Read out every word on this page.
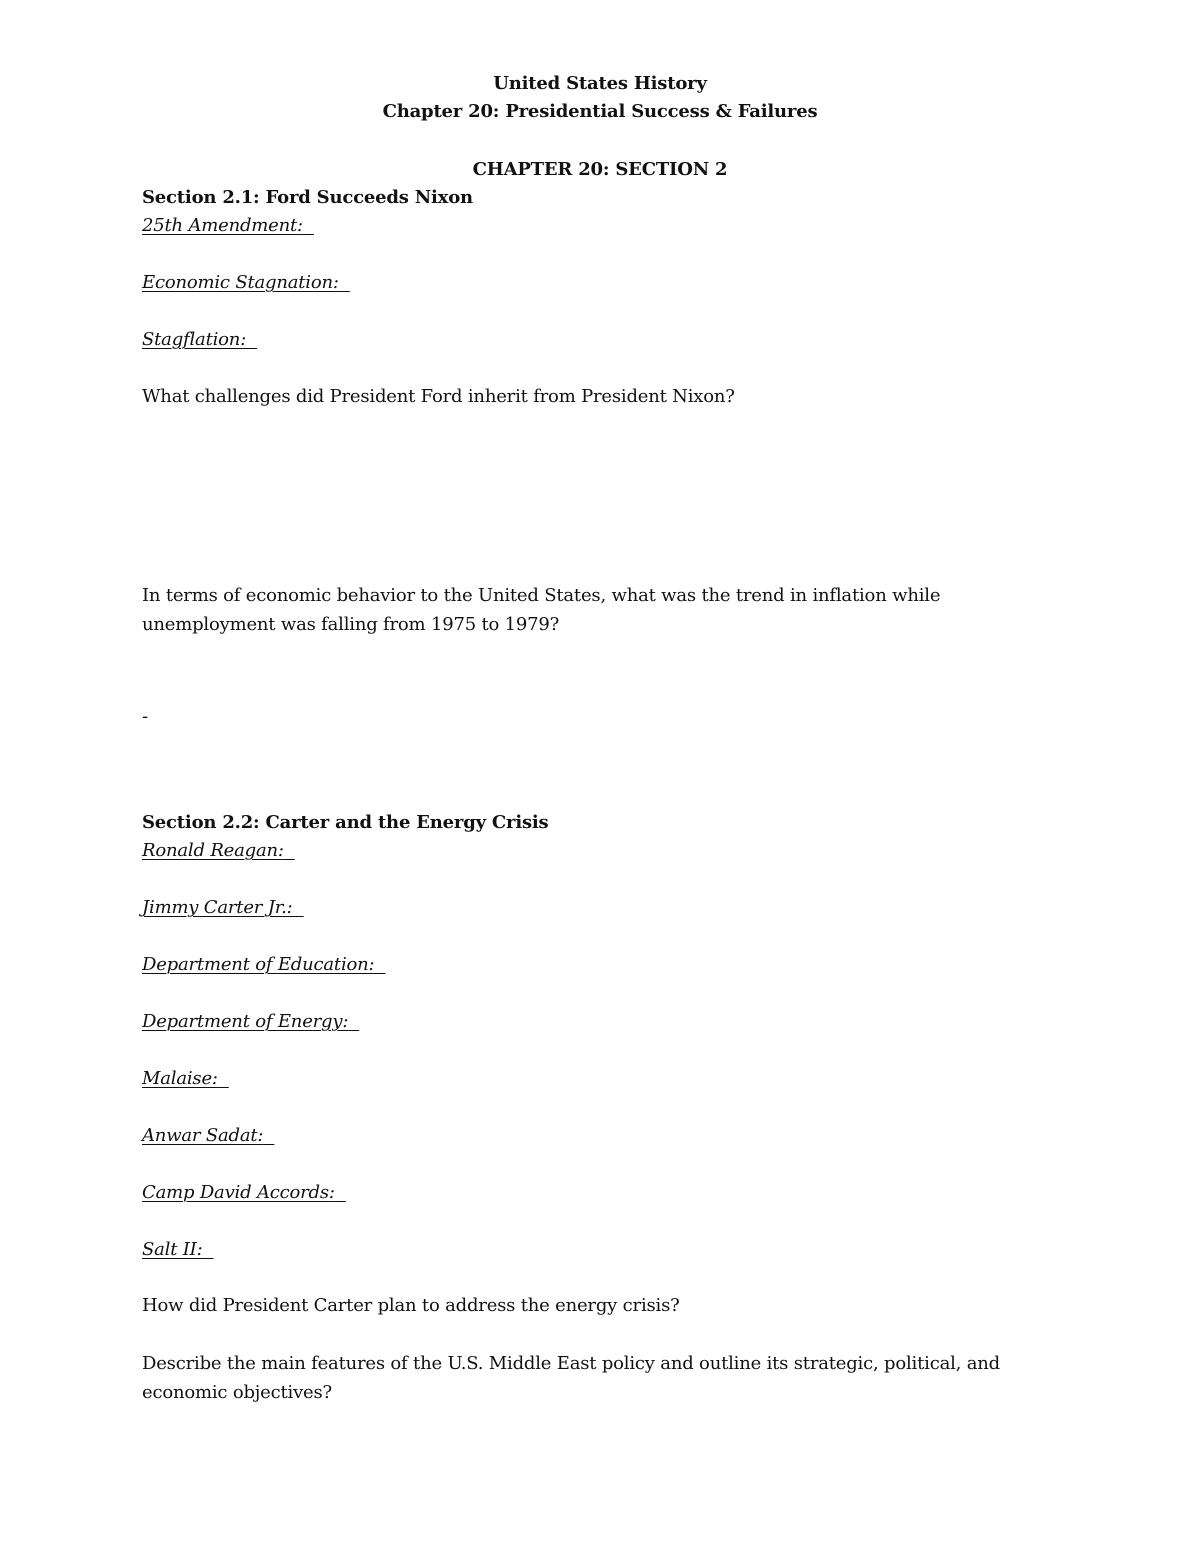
United States History
Chapter 20: Presidential Success & Failures
CHAPTER 20: SECTION 2
Section 2.1: Ford Succeeds Nixon
25th Amendment:
Economic Stagnation:
Stagflation:
What challenges did President Ford inherit from President Nixon?
In terms of economic behavior to the United States, what was the trend in inflation while unemployment was falling from 1975 to 1979?
-
Section 2.2: Carter and the Energy Crisis
Ronald Reagan:
Jimmy Carter Jr.:
Department of Education:
Department of Energy:
Malaise:
Anwar Sadat:
Camp David Accords:
Salt II:
How did President Carter plan to address the energy crisis?
Describe the main features of the U.S. Middle East policy and outline its strategic, political, and economic objectives?
